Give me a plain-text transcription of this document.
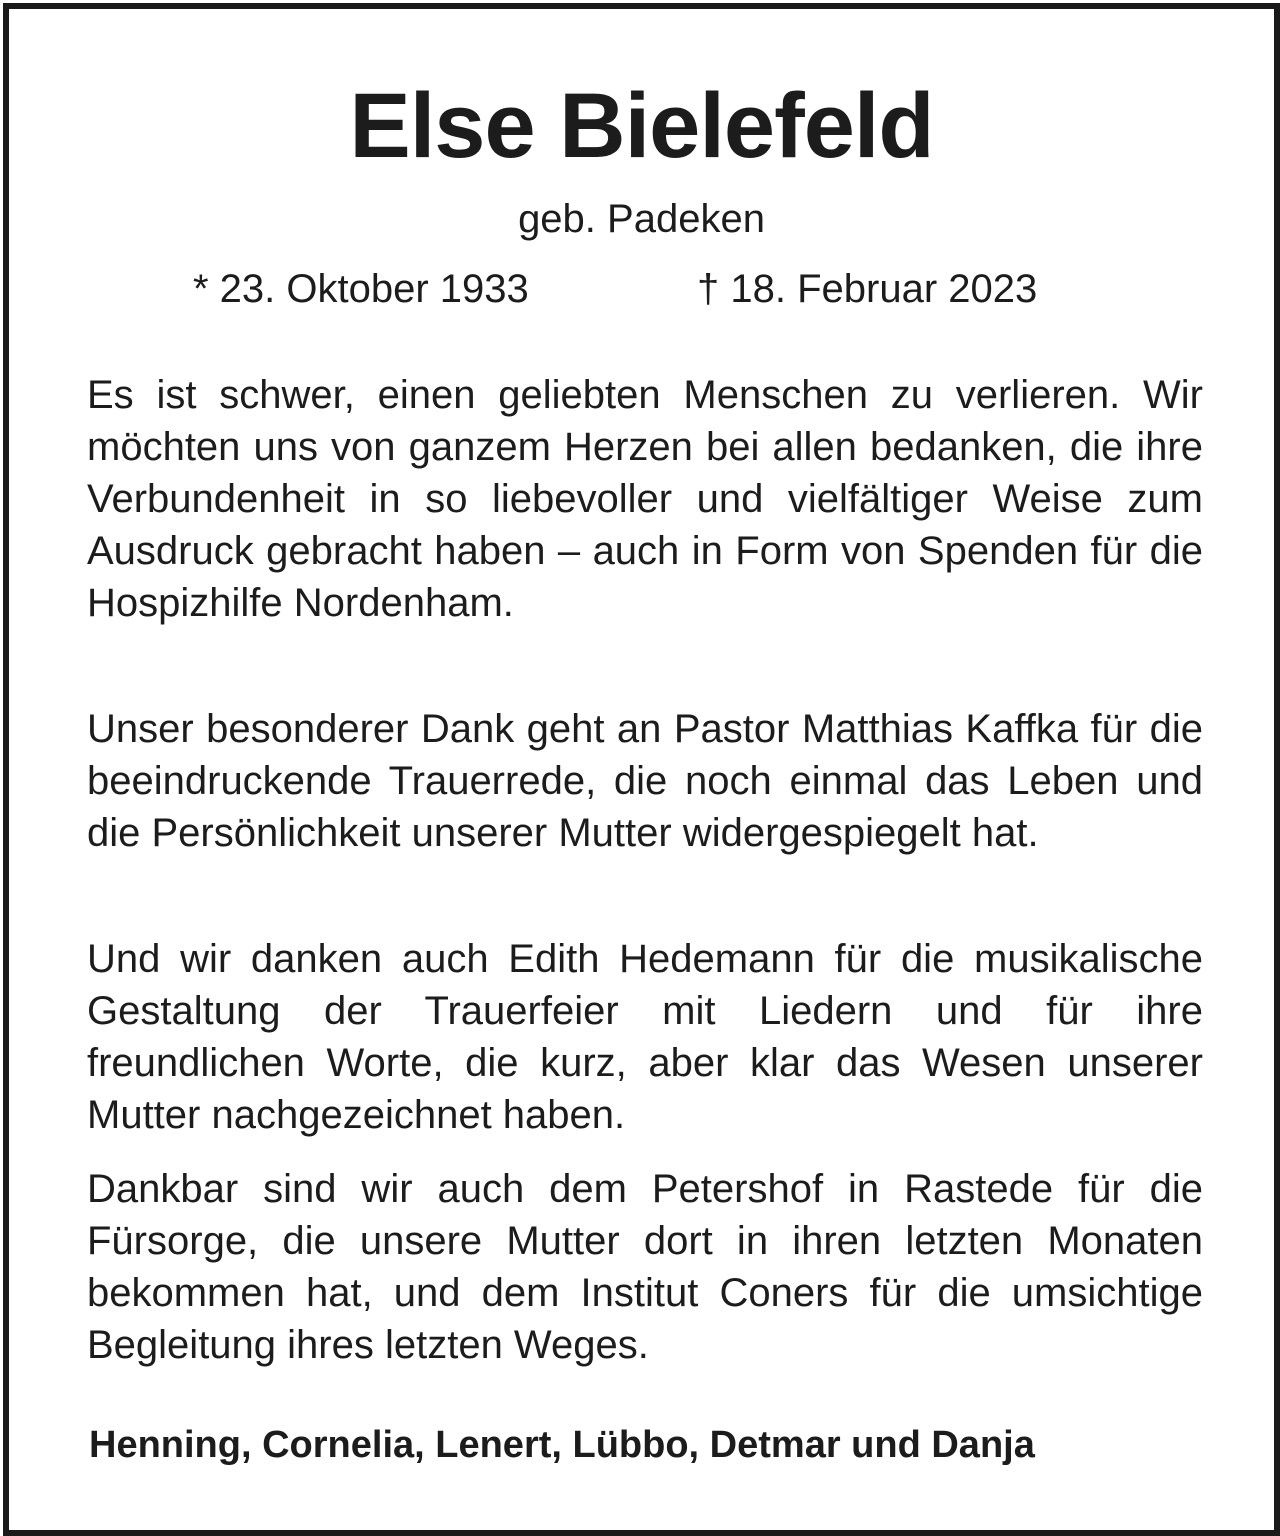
Else Bielefeld
geb. Padeken
* 23. Oktober 1933	† 18. Februar 2023

Es ist schwer, einen geliebten Menschen zu verlieren. Wir möchten uns von ganzem Herzen bei allen bedanken, die ihre Verbundenheit in so liebevoller und vielfältiger Weise zum Ausdruck gebracht haben – auch in Form von Spenden für die Hospizhilfe Nordenham.

Unser besonderer Dank geht an Pastor Matthias Kaffka für die beeindruckende Trauerrede, die noch einmal das Leben und die Persönlichkeit unserer Mutter widergespiegelt hat.

Und wir danken auch Edith Hedemann für die musikalische Gestaltung der Trauerfeier mit Liedern und für ihre freundlichen Worte, die kurz, aber klar das Wesen unserer Mutter nachgezeichnet haben.

Dankbar sind wir auch dem Petershof in Rastede für die Fürsorge, die unsere Mutter dort in ihren letzten Monaten bekommen hat, und dem Institut Coners für die umsichtige Begleitung ihres letzten Weges.

Henning, Cornelia, Lenert, Lübbo, Detmar und Danja
